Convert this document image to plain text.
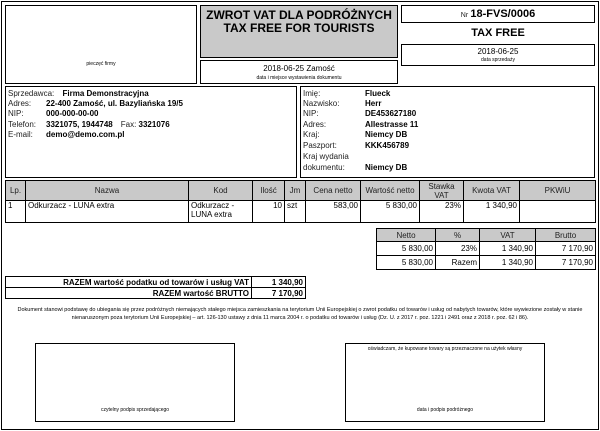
pieczęć firmy
ZWROT VAT DLA PODRÓŻNYCH TAX FREE FOR TOURISTS
2018-06-25 Zamość
data i miejsce wystawienia dokumentu
Nr 18-FVS/0006
TAX FREE
2018-06-25
data sprzedaży
Sprzedawca: Firma Demonstracyjna
Adres: 22-400 Zamość, ul. Bazyliańska 19/5
NIP:	000-000-00-00
Telefon: 3321075, 1944748 Fax: 3321076
E-mail: demo@demo.com.pl
Imię:	Flueck
Nazwisko:	Herr
NIP:	DE453627180
Adres:	Allestrasse 11
Kraj:	Niemcy DB
Paszport:	KKK456789
Kraj wydania
dokumentu:	Niemcy DB
Lp.	Nazwa	Kod	Ilość	Jm	Cena netto	Wartość netto	Stawka VAT	Kwota VAT	PKWiU
1	Odkurzacz - LUNA extra	Odkurzacz - LUNA extra	10	szt	583,00	5 830,00	23%	1 340,90	
Netto	%	VAT	Brutto
5 830,00	23%	1 340,90	7 170,90
5 830,00	Razem	1 340,90	7 170,90
RAZEM wartość podatku od towarów i usług VAT	1 340,90
RAZEM wartość BRUTTO	7 170,90
Dokument stanowi podstawę do ubiegania się przez podróżnych niemających stałego miejsca zamieszkania na terytorium Unii Europejskiej o zwrot podatku od towarów i usług od nabytych towarów, które wywiezione zostały w stanie nienaruszonym poza terytorium Unii Europejskiej – art. 126-130 ustawy z dnia 11 marca 2004 r. o podatku od towarów i usług (Dz. U. z 2017 r. poz. 1221 i 2491 oraz z 2018 r. poz. 62 i 86).
czytelny podpis sprzedającego
oświadczam, że kupowane towary są przeznaczone na użytek własny
data i podpis podróżnego
